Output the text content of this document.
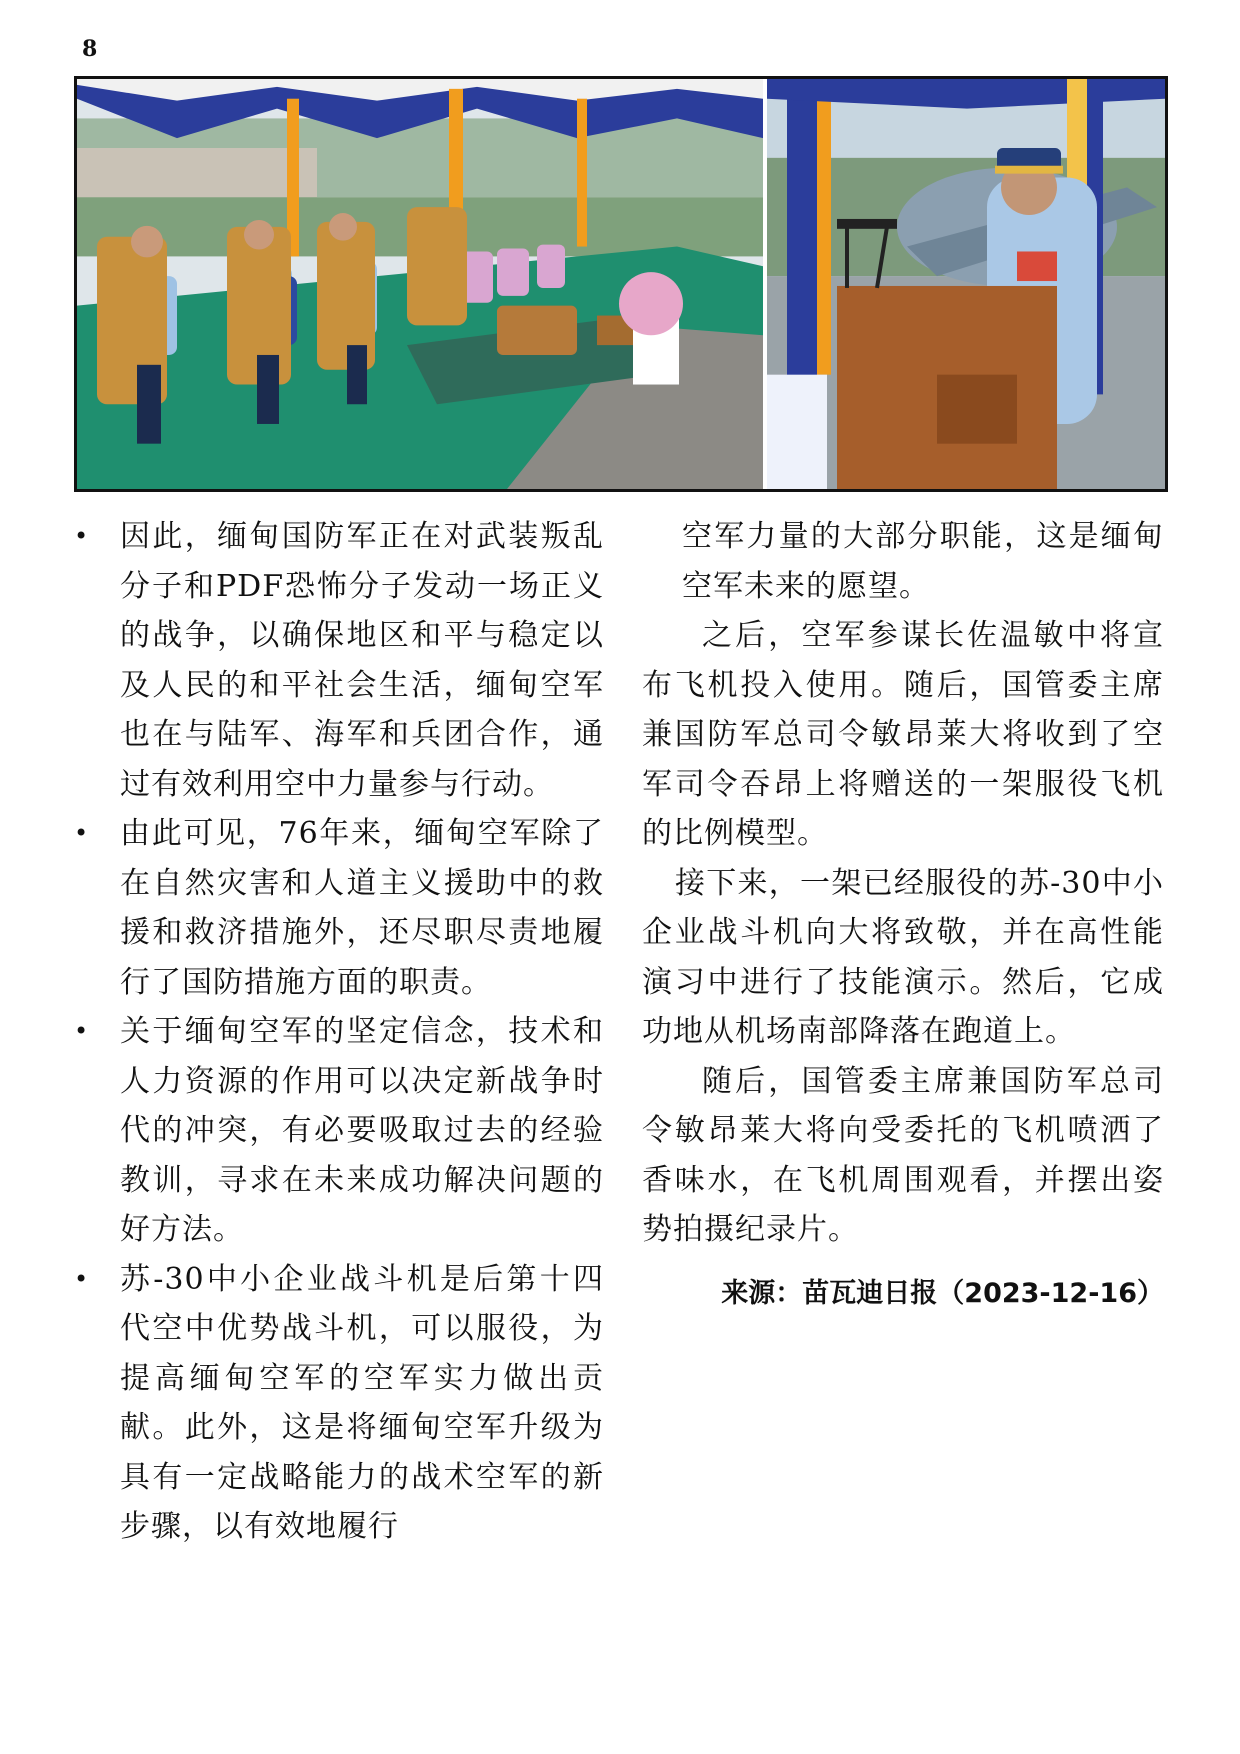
8
• 因此，缅甸国防军正在对武装叛乱分子和PDF恐怖分子发动一场正义的战争，以确保地区和平与稳定以及人民的和平社会生活，缅甸空军也在与陆军、海军和兵团合作，通过有效利用空中力量参与行动。
• 由此可见，76年来，缅甸空军除了在自然灾害和人道主义援助中的救援和救济措施外，还尽职尽责地履行了国防措施方面的职责。
• 关于缅甸空军的坚定信念，技术和人力资源的作用可以决定新战争时代的冲突，有必要吸取过去的经验教训，寻求在未来成功解决问题的好方法。
• 苏-30中小企业战斗机是后第十四代空中优势战斗机，可以服役，为提高缅甸空军的空军实力做出贡献。此外，这是将缅甸空军升级为具有一定战略能力的战术空军的新步骤，以有效地履行
空军力量的大部分职能，这是缅甸空军未来的愿望。
之后，空军参谋长佐温敏中将宣布飞机投入使用。随后，国管委主席兼国防军总司令敏昂莱大将收到了空军司令吞昂上将赠送的一架服役飞机的比例模型。
接下来，一架已经服役的苏-30中小企业战斗机向大将致敬，并在高性能演习中进行了技能演示。然后，它成功地从机场南部降落在跑道上。
随后，国管委主席兼国防军总司令敏昂莱大将向受委托的飞机喷洒了香味水，在飞机周围观看，并摆出姿势拍摄纪录片。
来源：苗瓦迪日报（2023-12-16）
